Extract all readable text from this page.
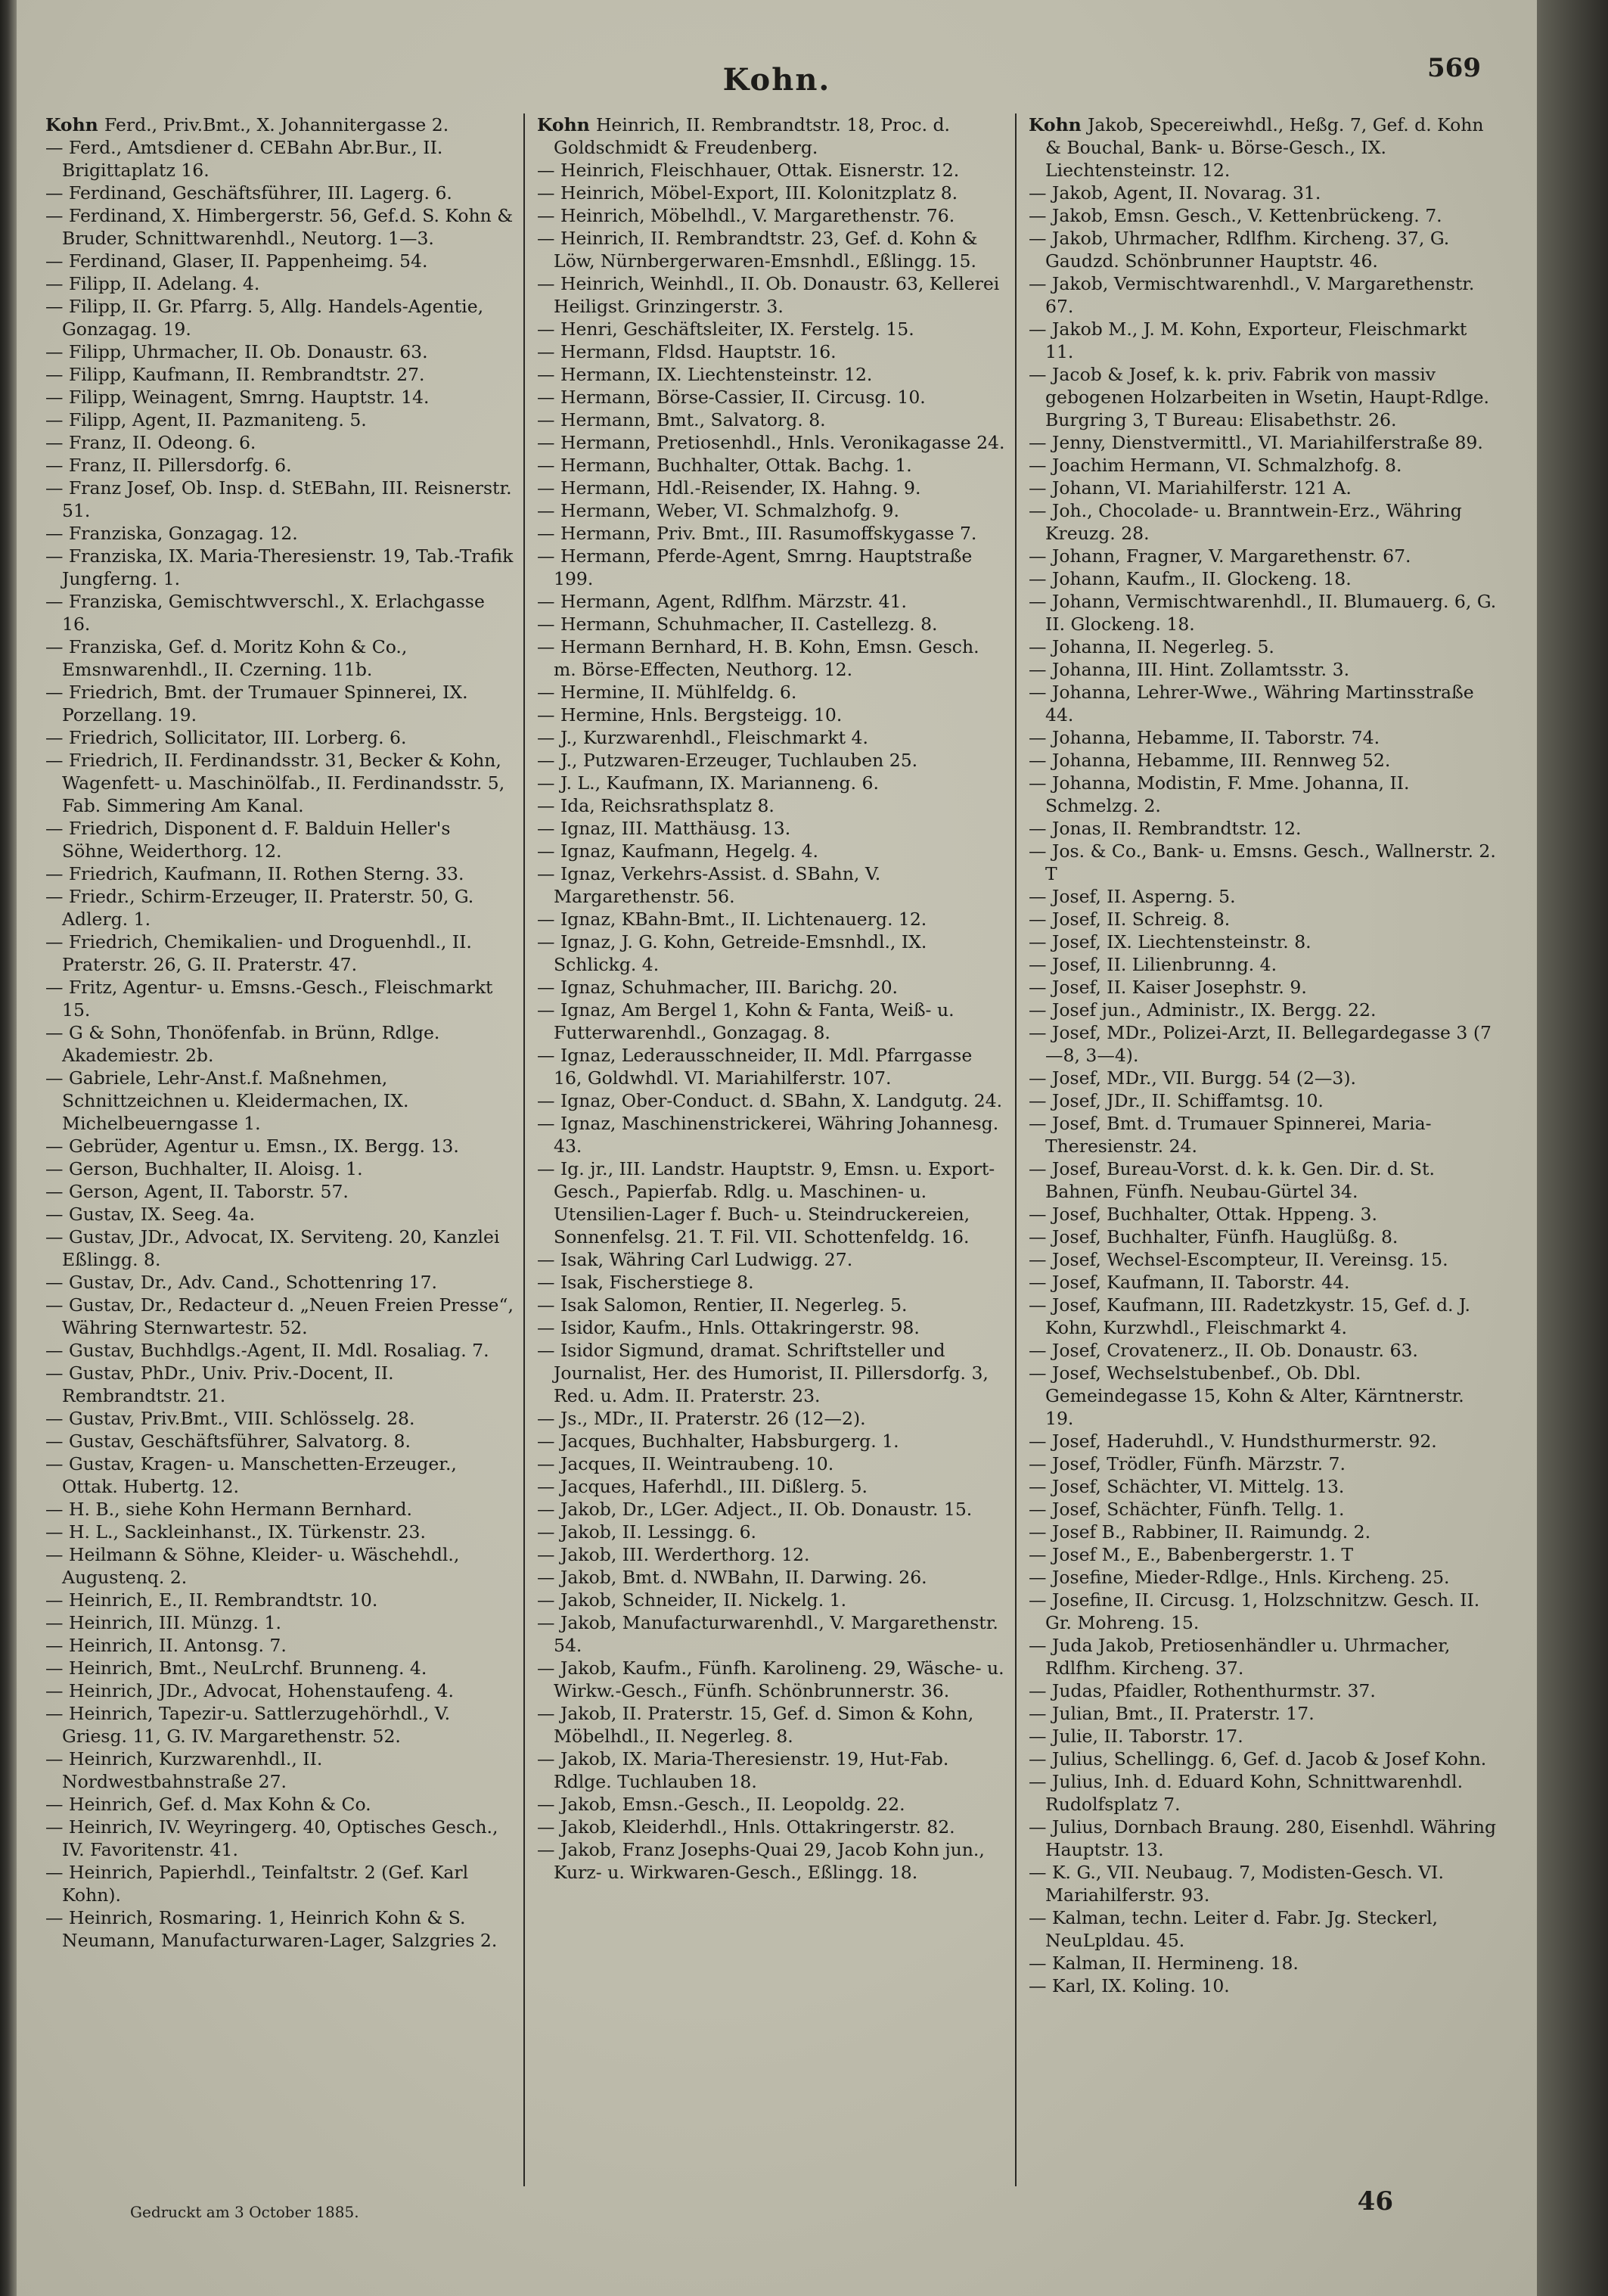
Kohn.	569

Kohn Ferd., Priv.Bmt., X. Johannitergasse 2.

— Ferd., Amtsdiener d. CEBahn Abr.Bur., II. Brigittaplatz 16.

— Ferdinand, Geschäftsführer, III. Lagerg. 6.

— Ferdinand, X. Himbergerstr. 56, Gef.d. S. Kohn & Bruder, Schnittwarenhdl., Neutorg. 1—3.

— Ferdinand, Glaser, II. Pappenheimg. 54.

— Filipp, II. Adelang. 4.

— Filipp, II. Gr. Pfarrg. 5, Allg. Handels-Agentie, Gonzagag. 19.

— Filipp, Uhrmacher, II. Ob. Donaustr. 63.

— Filipp, Kaufmann, II. Rembrandtstr. 27.

— Filipp, Weinagent, Smrng. Hauptstr. 14.

— Filipp, Agent, II. Pazmaniteng. 5.

— Franz, II. Odeong. 6.

— Franz, II. Pillersdorfg. 6.

— Franz Josef, Ob. Insp. d. StEBahn, III. Reisnerstr. 51.

— Franziska, Gonzagag. 12.

— Franziska, IX. Maria-Theresienstr. 19, Tab.-Trafik Jungferng. 1.

— Franziska, Gemischtwverschl., X. Erlachgasse 16.

— Franziska, Gef. d. Moritz Kohn & Co., Emsnwarenhdl., II. Czerning. 11b.

— Friedrich, Bmt. der Trumauer Spinnerei, IX. Porzellang. 19.

— Friedrich, Sollicitator, III. Lorberg. 6.

— Friedrich, II. Ferdinandsstr. 31, Becker & Kohn, Wagenfett- u. Maschinölfab., II. Ferdinandsstr. 5, Fab. Simmering Am Kanal.

— Friedrich, Disponent d. F. Balduin Heller's Söhne, Weiderthorg. 12.

— Friedrich, Kaufmann, II. Rothen Sterng. 33.

— Friedr., Schirm-Erzeuger, II. Praterstr. 50, G. Adlerg. 1.

— Friedrich, Chemikalien- und Droguenhdl., II. Praterstr. 26, G. II. Praterstr. 47.

— Fritz, Agentur- u. Emsns.-Gesch., Fleischmarkt 15.

— G & Sohn, Thonöfenfab. in Brünn, Rdlge. Akademiestr. 2b.

— Gabriele, Lehr-Anst.f. Maßnehmen, Schnittzeichnen u. Kleidermachen, IX. Michelbeuerngasse 1.

— Gebrüder, Agentur u. Emsn., IX. Bergg. 13.

— Gerson, Buchhalter, II. Aloisg. 1.

— Gerson, Agent, II. Taborstr. 57.

— Gustav, IX. Seeg. 4a.

— Gustav, JDr., Advocat, IX. Serviteng. 20, Kanzlei Eßlingg. 8.

— Gustav, Dr., Adv. Cand., Schottenring 17.

— Gustav, Dr., Redacteur d. „Neuen Freien Presse“, Währing Sternwartestr. 52.

— Gustav, Buchhdlgs.-Agent, II. Mdl. Rosaliag. 7.

— Gustav, PhDr., Univ. Priv.-Docent, II. Rembrandtstr. 21.

— Gustav, Priv.Bmt., VIII. Schlösselg. 28.

— Gustav, Geschäftsführer, Salvatorg. 8.

— Gustav, Kragen- u. Manschetten-Erzeuger., Ottak. Hubertg. 12.

— H. B., siehe Kohn Hermann Bernhard.

— H. L., Sackleinhanst., IX. Türkenstr. 23.

— Heilmann & Söhne, Kleider- u. Wäschehdl., Augustenq. 2.

— Heinrich, E., II. Rembrandtstr. 10.

— Heinrich, III. Münzg. 1.

— Heinrich, II. Antonsg. 7.

— Heinrich, Bmt., NeuLrchf. Brunneng. 4.

— Heinrich, JDr., Advocat, Hohenstaufeng. 4.

— Heinrich, Tapezir-u. Sattlerzugehörhdl., V. Griesg. 11, G. IV. Margarethenstr. 52.

— Heinrich, Kurzwarenhdl., II. Nordwestbahnstraße 27.

— Heinrich, Gef. d. Max Kohn & Co.

— Heinrich, IV. Weyringerg. 40, Optisches Gesch., IV. Favoritenstr. 41.

— Heinrich, Papierhdl., Teinfaltstr. 2 (Gef. Karl Kohn).

— Heinrich, Rosmaring. 1, Heinrich Kohn & S. Neumann, Manufacturwaren-Lager, Salzgries 2.

Kohn Heinrich, II. Rembrandtstr. 18, Proc. d. Goldschmidt & Freudenberg.

— Heinrich, Fleischhauer, Ottak. Eisnerstr. 12.

— Heinrich, Möbel-Export, III. Kolonitzplatz 8.

— Heinrich, Möbelhdl., V. Margarethenstr. 76.

— Heinrich, II. Rembrandtstr. 23, Gef. d. Kohn & Löw, Nürnbergerwaren-Emsnhdl., Eßlingg. 15.

— Heinrich, Weinhdl., II. Ob. Donaustr. 63, Kellerei Heiligst. Grinzingerstr. 3.

— Henri, Geschäftsleiter, IX. Ferstelg. 15.

— Hermann, Fldsd. Hauptstr. 16.

— Hermann, IX. Liechtensteinstr. 12.

— Hermann, Börse-Cassier, II. Circusg. 10.

— Hermann, Bmt., Salvatorg. 8.

— Hermann, Pretiosenhdl., Hnls. Veronikagasse 24.

— Hermann, Buchhalter, Ottak. Bachg. 1.

— Hermann, Hdl.-Reisender, IX. Hahng. 9.

— Hermann, Weber, VI. Schmalzhofg. 9.

— Hermann, Priv. Bmt., III. Rasumoffskygasse 7.

— Hermann, Pferde-Agent, Smrng. Hauptstraße 199.

— Hermann, Agent, Rdlfhm. Märzstr. 41.

— Hermann, Schuhmacher, II. Castellezg. 8.

— Hermann Bernhard, H. B. Kohn, Emsn. Gesch. m. Börse-Effecten, Neuthorg. 12.

— Hermine, II. Mühlfeldg. 6.

— Hermine, Hnls. Bergsteigg. 10.

— J., Kurzwarenhdl., Fleischmarkt 4.

— J., Putzwaren-Erzeuger, Tuchlauben 25.

— J. L., Kaufmann, IX. Marianneng. 6.

— Ida, Reichsrathsplatz 8.

— Ignaz, III. Matthäusg. 13.

— Ignaz, Kaufmann, Hegelg. 4.

— Ignaz, Verkehrs-Assist. d. SBahn, V. Margarethenstr. 56.

— Ignaz, KBahn-Bmt., II. Lichtenauerg. 12.

— Ignaz, J. G. Kohn, Getreide-Emsnhdl., IX. Schlickg. 4.

— Ignaz, Schuhmacher, III. Barichg. 20.

— Ignaz, Am Bergel 1, Kohn & Fanta, Weiß- u. Futterwarenhdl., Gonzagag. 8.

— Ignaz, Lederausschneider, II. Mdl. Pfarrgasse 16, Goldwhdl. VI. Mariahilferstr. 107.

— Ignaz, Ober-Conduct. d. SBahn, X. Landgutg. 24.

— Ignaz, Maschinenstrickerei, Währing Johannesg. 43.

— Ig. jr., III. Landstr. Hauptstr. 9, Emsn. u. Export-Gesch., Papierfab. Rdlg. u. Maschinen- u. Utensilien-Lager f. Buch- u. Steindruckereien, Sonnenfelsg. 21. T. Fil. VII. Schottenfeldg. 16.

— Isak, Währing Carl Ludwigg. 27.

— Isak, Fischerstiege 8.

— Isak Salomon, Rentier, II. Negerleg. 5.

— Isidor, Kaufm., Hnls. Ottakringerstr. 98.

— Isidor Sigmund, dramat. Schriftsteller und Journalist, Her. des Humorist, II. Pillersdorfg. 3, Red. u. Adm. II. Praterstr. 23.

— Js., MDr., II. Praterstr. 26 (12—2).

— Jacques, Buchhalter, Habsburgerg. 1.

— Jacques, II. Weintraubeng. 10.

— Jacques, Haferhdl., III. Dißlerg. 5.

— Jakob, Dr., LGer. Adject., II. Ob. Donaustr. 15.

— Jakob, II. Lessingg. 6.

— Jakob, III. Werderthorg. 12.

— Jakob, Bmt. d. NWBahn, II. Darwing. 26.

— Jakob, Schneider, II. Nickelg. 1.

— Jakob, Manufacturwarenhdl., V. Margarethenstr. 54.

— Jakob, Kaufm., Fünfh. Karolineng. 29, Wäsche- u. Wirkw.-Gesch., Fünfh. Schönbrunnerstr. 36.

— Jakob, II. Praterstr. 15, Gef. d. Simon & Kohn, Möbelhdl., II. Negerleg. 8.

— Jakob, IX. Maria-Theresienstr. 19, Hut-Fab. Rdlge. Tuchlauben 18.

— Jakob, Emsn.-Gesch., II. Leopoldg. 22.

— Jakob, Kleiderhdl., Hnls. Ottakringerstr. 82.

— Jakob, Franz Josephs-Quai 29, Jacob Kohn jun., Kurz- u. Wirkwaren-Gesch., Eßlingg. 18.

Kohn Jakob, Specereiwhdl., Heßg. 7, Gef. d. Kohn & Bouchal, Bank- u. Börse-Gesch., IX. Liechtensteinstr. 12.

— Jakob, Agent, II. Novarag. 31.

— Jakob, Emsn. Gesch., V. Kettenbrückeng. 7.

— Jakob, Uhrmacher, Rdlfhm. Kircheng. 37, G. Gaudzd. Schönbrunner Hauptstr. 46.

— Jakob, Vermischtwarenhdl., V. Margarethenstr. 67.

— Jakob M., J. M. Kohn, Exporteur, Fleischmarkt 11.

— Jacob & Josef, k. k. priv. Fabrik von massiv gebogenen Holzarbeiten in Wsetin, Haupt-Rdlge. Burgring 3, T Bureau: Elisabethstr. 26.

— Jenny, Dienstvermittl., VI. Mariahilferstraße 89.

— Joachim Hermann, VI. Schmalzhofg. 8.

— Johann, VI. Mariahilferstr. 121 A.

— Joh., Chocolade- u. Branntwein-Erz., Währing Kreuzg. 28.

— Johann, Fragner, V. Margarethenstr. 67.

— Johann, Kaufm., II. Glockeng. 18.

— Johann, Vermischtwarenhdl., II. Blumauerg. 6, G. II. Glockeng. 18.

— Johanna, II. Negerleg. 5.

— Johanna, III. Hint. Zollamtsstr. 3.

— Johanna, Lehrer-Wwe., Währing Martinsstraße 44.

— Johanna, Hebamme, II. Taborstr. 74.

— Johanna, Hebamme, III. Rennweg 52.

— Johanna, Modistin, F. Mme. Johanna, II. Schmelzg. 2.

— Jonas, II. Rembrandtstr. 12.

— Jos. & Co., Bank- u. Emsns. Gesch., Wallnerstr. 2. T

— Josef, II. Asperng. 5.

— Josef, II. Schreig. 8.

— Josef, IX. Liechtensteinstr. 8.

— Josef, II. Lilienbrunng. 4.

— Josef, II. Kaiser Josephstr. 9.

— Josef jun., Administr., IX. Bergg. 22.

— Josef, MDr., Polizei-Arzt, II. Bellegardegasse 3 (7—8, 3—4).

— Josef, MDr., VII. Burgg. 54 (2—3).

— Josef, JDr., II. Schiffamtsg. 10.

— Josef, Bmt. d. Trumauer Spinnerei, Maria-Theresienstr. 24.

— Josef, Bureau-Vorst. d. k. k. Gen. Dir. d. St. Bahnen, Fünfh. Neubau-Gürtel 34.

— Josef, Buchhalter, Ottak. Hppeng. 3.

— Josef, Buchhalter, Fünfh. Hauglüßg. 8.

— Josef, Wechsel-Escompteur, II. Vereinsg. 15.

— Josef, Kaufmann, II. Taborstr. 44.

— Josef, Kaufmann, III. Radetzkystr. 15, Gef. d. J. Kohn, Kurzwhdl., Fleischmarkt 4.

— Josef, Crovatenerz., II. Ob. Donaustr. 63.

— Josef, Wechselstubenbef., Ob. Dbl. Gemeindegasse 15, Kohn & Alter, Kärntnerstr. 19.

— Josef, Haderuhdl., V. Hundsthurmerstr. 92.

— Josef, Trödler, Fünfh. Märzstr. 7.

— Josef, Schächter, VI. Mittelg. 13.

— Josef, Schächter, Fünfh. Tellg. 1.

— Josef B., Rabbiner, II. Raimundg. 2.

— Josef M., E., Babenbergerstr. 1. T

— Josefine, Mieder-Rdlge., Hnls. Kircheng. 25.

— Josefine, II. Circusg. 1, Holzschnitzw. Gesch. II. Gr. Mohreng. 15.

— Juda Jakob, Pretiosenhändler u. Uhrmacher, Rdlfhm. Kircheng. 37.

— Judas, Pfaidler, Rothenthurmstr. 37.

— Julian, Bmt., II. Praterstr. 17.

— Julie, II. Taborstr. 17.

— Julius, Schellingg. 6, Gef. d. Jacob & Josef Kohn.

— Julius, Inh. d. Eduard Kohn, Schnittwarenhdl. Rudolfsplatz 7.

— Julius, Dornbach Braung. 280, Eisenhdl. Währing Hauptstr. 13.

— K. G., VII. Neubaug. 7, Modisten-Gesch. VI. Mariahilferstr. 93.

— Kalman, techn. Leiter d. Fabr. Jg. Steckerl, NeuLpldau. 45.

— Kalman, II. Hermineng. 18.

— Karl, IX. Koling. 10.

Gedruckt am 3 October 1885.	46
